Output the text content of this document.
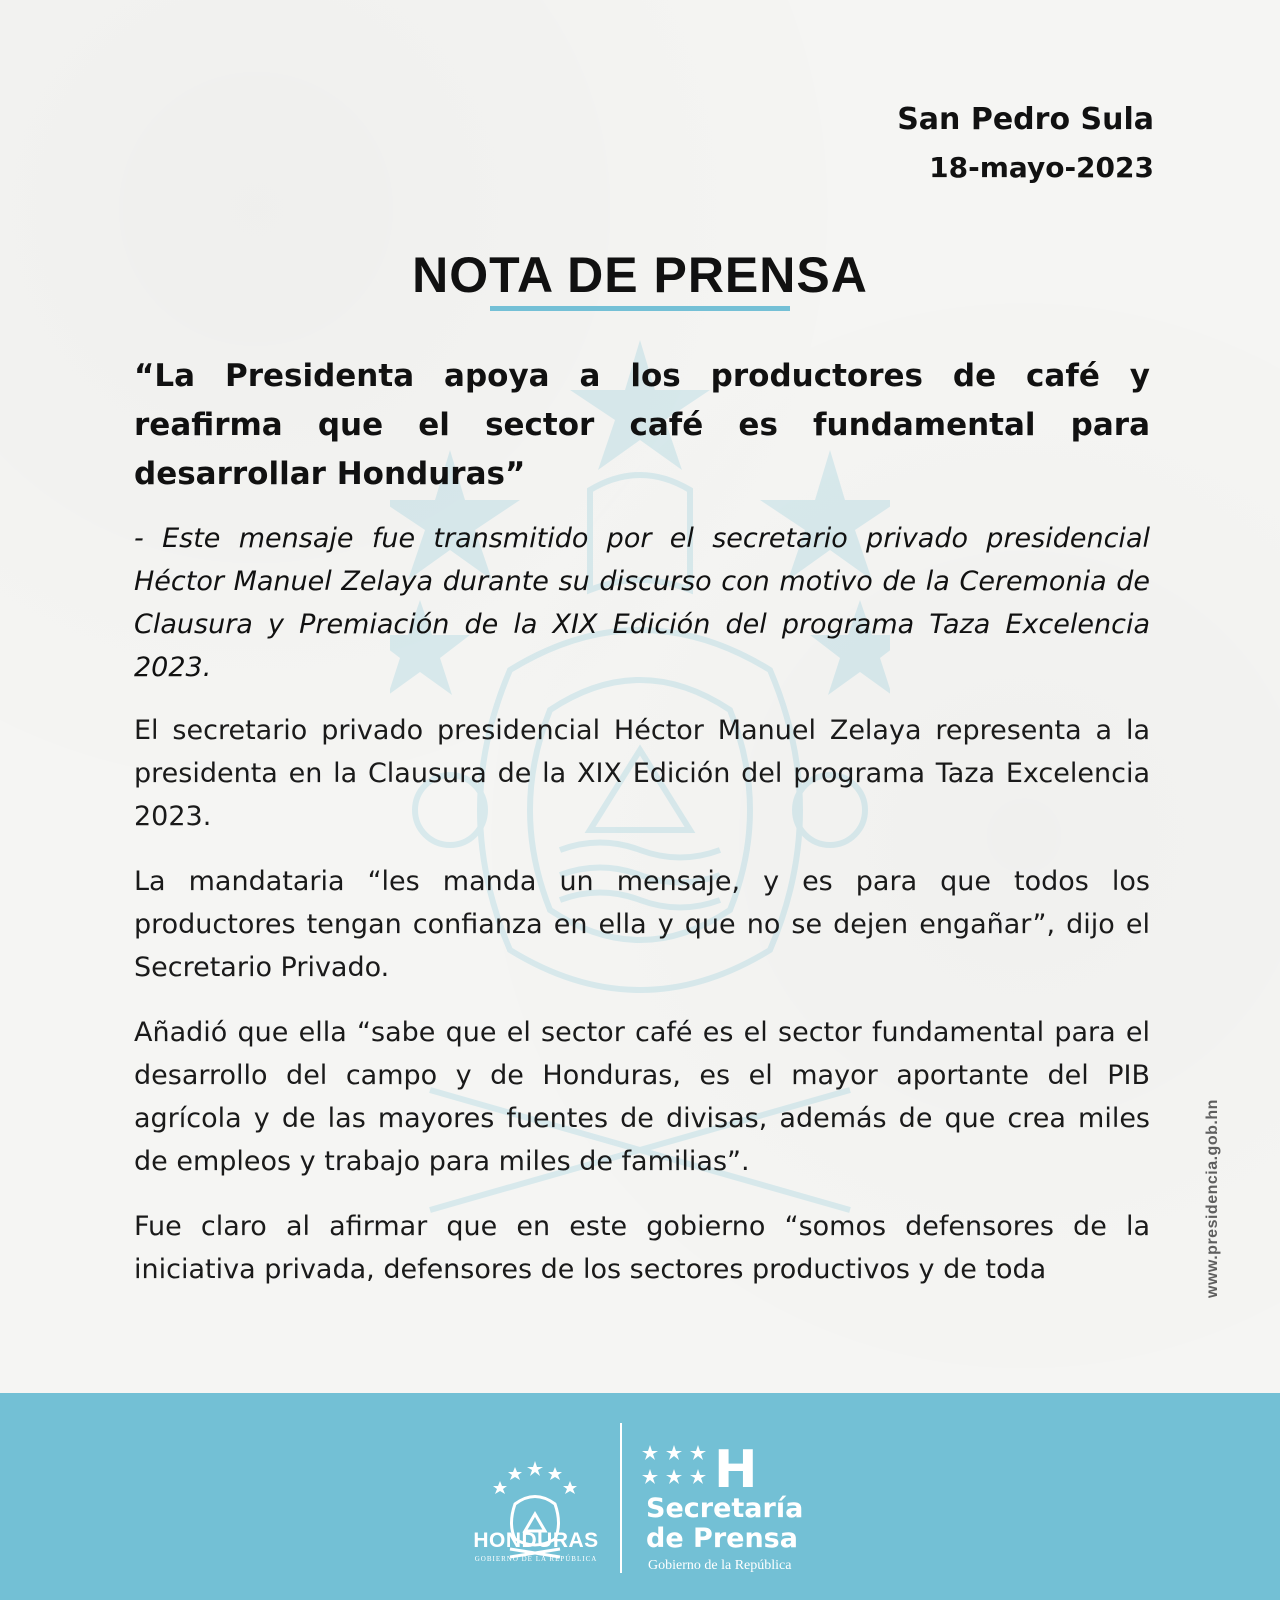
San Pedro Sula
18-mayo-2023
NOTA DE PRENSA

“La Presidenta apoya a los productores de café y reafirma que el sector café es fundamental para desarrollar Honduras”

- Este mensaje fue transmitido por el secretario privado presidencial Héctor Manuel Zelaya durante su discurso con motivo de la Ceremonia de Clausura y Premiación de la XIX Edición del programa Taza Excelencia 2023.

El secretario privado presidencial Héctor Manuel Zelaya representa a la presidenta en la Clausura de la XIX Edición del programa Taza Excelencia 2023.

La mandataria “les manda un mensaje, y es para que todos los productores tengan confianza en ella y que no se dejen engañar”, dijo el Secretario Privado.

Añadió que ella “sabe que el sector café es el sector fundamental para el desarrollo del campo y de Honduras, es el mayor aportante del PIB agrícola y de las mayores fuentes de divisas, además de que crea miles de empleos y trabajo para miles de familias”.

Fue claro al afirmar que en este gobierno “somos defensores de la iniciativa privada, defensores de los sectores productivos y de toda	www.presidencia.gob.hn
HONDURAS
GOBIERNO DE LA REPÚBLICA
H
Secretaría
de Prensa
Gobierno de la República
